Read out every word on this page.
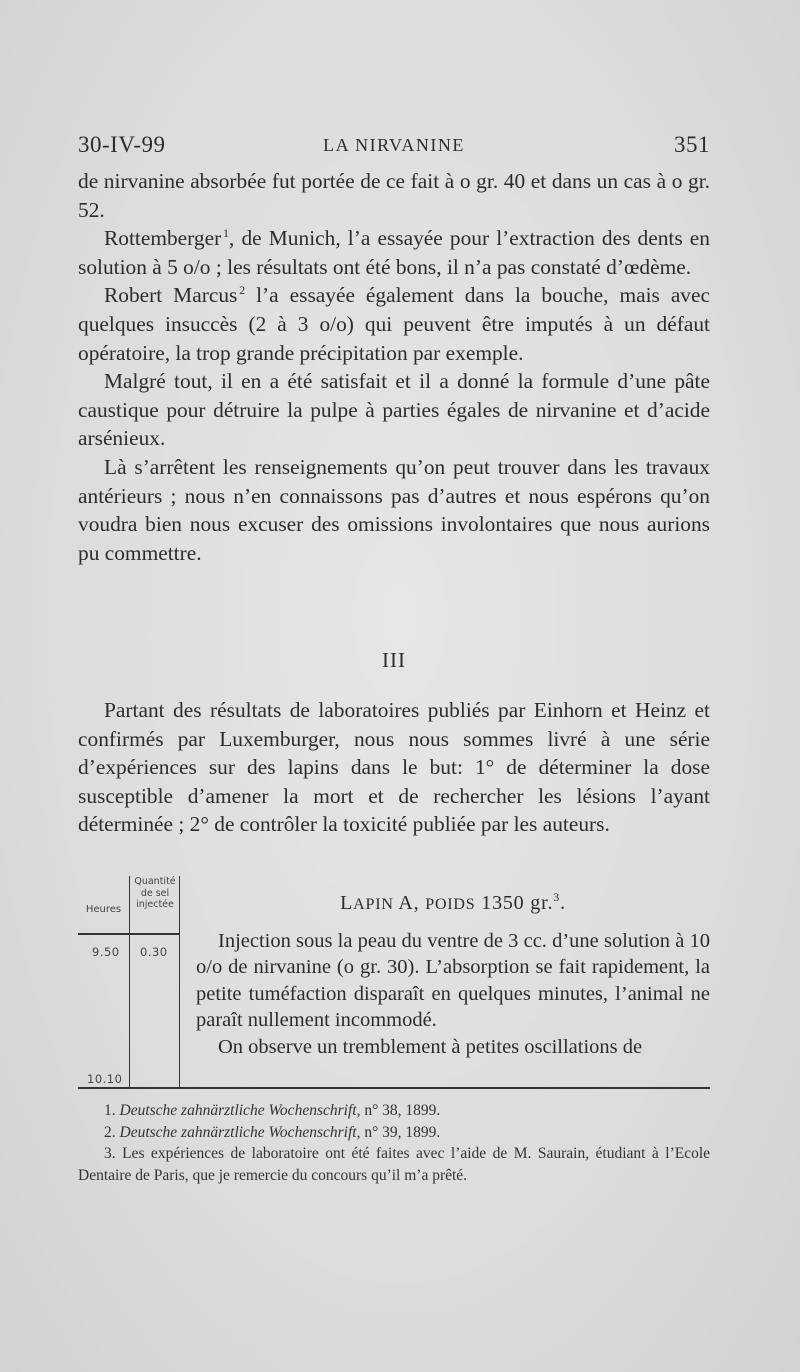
30-IV-99	LA NIRVANINE	351

de nirvanine absorbée fut portée de ce fait à o gr. 40 et dans un cas à o gr. 52.

Rottemberger  $^1$, de Munich, l’a essayée pour l’extraction des dents en solution à 5 o/o ; les résultats ont été bons, il n’a pas constaté d’œdème.

Robert Marcus  $^2$ l’a essayée également dans la bouche, mais avec quelques insuccès (2 à 3 o/o) qui peuvent être imputés à un défaut opératoire, la trop grande précipitation par exemple.

Malgré tout, il en a été satisfait et il a donné la formule d’une pâte caustique pour détruire la pulpe à parties égales de nirvanine et d’acide arsénieux.

Là s’arrêtent les renseignements qu’on peut trouver dans les travaux antérieurs ; nous n’en connaissons pas d’autres et nous espérons qu’on voudra bien nous excuser des omissions involontaires que nous aurions pu commettre.

III

Partant des résultats de laboratoires publiés par Einhorn et Heinz et confirmés par Luxemburger, nous nous sommes livré à une série d’expériences sur des lapins dans le but: 1° de déterminer la dose susceptible d’amener la mort et de rechercher les lésions l’ayant déterminée ; 2° de contrôler la toxicité publiée par les auteurs.

Heures
Quantité
de sel
injectée
9.50 0.30
10.10
LAPIN A, POIDS 1350 gr.$^3$.

Injection sous la peau du ventre de 3 cc. d’une solution à 10 o/o de nirvanine (o gr. 30). L’absorption se fait rapidement, la petite tuméfaction disparaît en quelques minutes, l’animal ne paraît nullement incommodé.

On observe un tremblement à petites oscillations de

1. Deutsche zahnärztliche Wochenschrift, n° 38, 1899.

2. Deutsche zahnärztliche Wochenschrift, n° 39, 1899.

3. Les expériences de laboratoire ont été faites avec l’aide de M. Saurain, étudiant à l’Ecole Dentaire de Paris, que je remercie du concours qu’il m’a prêté.
